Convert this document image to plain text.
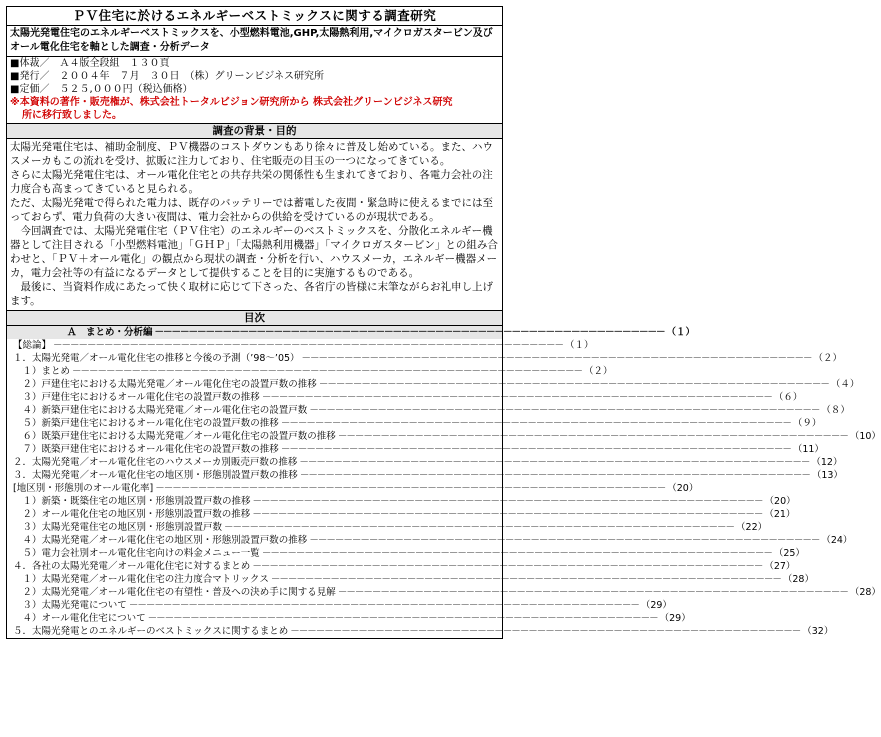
ＰＶ住宅に於けるエネルギーベストミックスに関する調査研究
太陽光発電住宅のエネルギーベストミックスを、小型燃料電池,GHP,太陽熱利用,マイクロガスタービン及びオール電化住宅を軸とした調査・分析データ
■体裁／　Ａ４版全段組　１３０頁
■発行／　２００４年　７月　３０日　（株）グリーンビジネス研究所
■定価／　５２５,０００円（税込価格）
※本資料の著作・販売権が、株式会社トータルビジョン研究所から 株式会社グリーンビジネス研究
所に移行致しました。
調査の背景・目的

太陽光発電住宅は、補助金制度、ＰＶ機器のコストダウンもあり徐々に普及し始めている。また、ハウスメーカもこの流れを受け、拡販に注力しており、住宅販売の目玉の一つになってきている。

さらに太陽光発電住宅は、オール電化住宅との共存共栄の関係性も生まれてきており、各電力会社の注力度合も高まってきていると見られる。

ただ、太陽光発電で得られた電力は、既存のバッテリーでは蓄電した夜間・緊急時に使えるまでには至っておらず、電力負荷の大きい夜間は、電力会社からの供給を受けているのが現状である。

　今回調査では、太陽光発電住宅（ＰＶ住宅）のエネルギーのベストミックスを、分散化エネルギー機器として注目される「小型燃料電池」「ＧＨＰ」「太陽熱利用機器」「マイクロガスタービン」との組み合わせと、「ＰＶ＋オール電化」の観点から現状の調査・分析を行い、ハウスメーカ，エネルギー機器メーカ，電力会社等の有益になるデータとして提供することを目的に実施するものである。

　最後に、当資料作成にあたって快く取材に応じて下さった、各省庁の皆様に末筆ながらお礼申し上げます。

目次
Ａ　まとめ・分析編 －－－－－－－－－－－－－－－－－－－－－－－－－－－－－－－－－－－－－－－－－－－－－－－－－－－－－－－－－－－－ （１）
【総論】 －－－－－－－－－－－－－－－－－－－－－－－－－－－－－－－－－－－－－－－－－－－－－－－－－－－－－－－－－－－－ （１）
１．太陽光発電／オール電化住宅の推移と今後の予測（’98～’05） －－－－－－－－－－－－－－－－－－－－－－－－－－－－－－－－－－－－－－－－－－－－－－－－－－－－－－－－－－－－ （２）
　１）まとめ －－－－－－－－－－－－－－－－－－－－－－－－－－－－－－－－－－－－－－－－－－－－－－－－－－－－－－－－－－－－ （２）
　２）戸建住宅における太陽光発電／オール電化住宅の設置戸数の推移 －－－－－－－－－－－－－－－－－－－－－－－－－－－－－－－－－－－－－－－－－－－－－－－－－－－－－－－－－－－－ （４）
　３）戸建住宅におけるオール電化住宅の設置戸数の推移 －－－－－－－－－－－－－－－－－－－－－－－－－－－－－－－－－－－－－－－－－－－－－－－－－－－－－－－－－－－－ （６）
　４）新築戸建住宅における太陽光発電／オール電化住宅の設置戸数 －－－－－－－－－－－－－－－－－－－－－－－－－－－－－－－－－－－－－－－－－－－－－－－－－－－－－－－－－－－－ （８）
　５）新築戸建住宅におけるオール電化住宅の設置戸数の推移 －－－－－－－－－－－－－－－－－－－－－－－－－－－－－－－－－－－－－－－－－－－－－－－－－－－－－－－－－－－－ （９）
　６）既築戸建住宅における太陽光発電／オール電化住宅の設置戸数の推移 －－－－－－－－－－－－－－－－－－－－－－－－－－－－－－－－－－－－－－－－－－－－－－－－－－－－－－－－－－－－ （10）
　７）既築戸建住宅におけるオール電化住宅の設置戸数の推移 －－－－－－－－－－－－－－－－－－－－－－－－－－－－－－－－－－－－－－－－－－－－－－－－－－－－－－－－－－－－ （11）
２．太陽光発電／オール電化住宅のハウスメーカ別販売戸数の推移 －－－－－－－－－－－－－－－－－－－－－－－－－－－－－－－－－－－－－－－－－－－－－－－－－－－－－－－－－－－－ （12）
３．太陽光発電／オール電化住宅の地区別・形態別設置戸数の推移 －－－－－－－－－－－－－－－－－－－－－－－－－－－－－－－－－－－－－－－－－－－－－－－－－－－－－－－－－－－－ （13）
[地区別・形態別のオール電化率] －－－－－－－－－－－－－－－－－－－－－－－－－－－－－－－－－－－－－－－－－－－－－－－－－－－－－－－－－－－－ （20）
　１）新築・既築住宅の地区別・形態別設置戸数の推移 －－－－－－－－－－－－－－－－－－－－－－－－－－－－－－－－－－－－－－－－－－－－－－－－－－－－－－－－－－－－ （20）
　２）オール電化住宅の地区別・形態別設置戸数の推移 －－－－－－－－－－－－－－－－－－－－－－－－－－－－－－－－－－－－－－－－－－－－－－－－－－－－－－－－－－－－ （21）
　３）太陽光発電住宅の地区別・形態別設置戸数 －－－－－－－－－－－－－－－－－－－－－－－－－－－－－－－－－－－－－－－－－－－－－－－－－－－－－－－－－－－－ （22）
　４）太陽光発電／オール電化住宅の地区別・形態別設置戸数の推移 －－－－－－－－－－－－－－－－－－－－－－－－－－－－－－－－－－－－－－－－－－－－－－－－－－－－－－－－－－－－ （24）
　５）電力会社別オール電化住宅向けの料金メニュー一覧 －－－－－－－－－－－－－－－－－－－－－－－－－－－－－－－－－－－－－－－－－－－－－－－－－－－－－－－－－－－－ （25）
４．各社の太陽光発電／オール電化住宅に対するまとめ －－－－－－－－－－－－－－－－－－－－－－－－－－－－－－－－－－－－－－－－－－－－－－－－－－－－－－－－－－－－ （27）
　１）太陽光発電／オール電化住宅の注力度合マトリックス －－－－－－－－－－－－－－－－－－－－－－－－－－－－－－－－－－－－－－－－－－－－－－－－－－－－－－－－－－－－ （28）
　２）太陽光発電／オール電化住宅の有望性・普及への決め手に関する見解 －－－－－－－－－－－－－－－－－－－－－－－－－－－－－－－－－－－－－－－－－－－－－－－－－－－－－－－－－－－－ （28）
　３）太陽光発電について －－－－－－－－－－－－－－－－－－－－－－－－－－－－－－－－－－－－－－－－－－－－－－－－－－－－－－－－－－－－ （29）
　４）オール電化住宅について －－－－－－－－－－－－－－－－－－－－－－－－－－－－－－－－－－－－－－－－－－－－－－－－－－－－－－－－－－－－ （29）
５．太陽光発電とのエネルギーのベストミックスに関するまとめ －－－－－－－－－－－－－－－－－－－－－－－－－－－－－－－－－－－－－－－－－－－－－－－－－－－－－－－－－－－－ （32）
